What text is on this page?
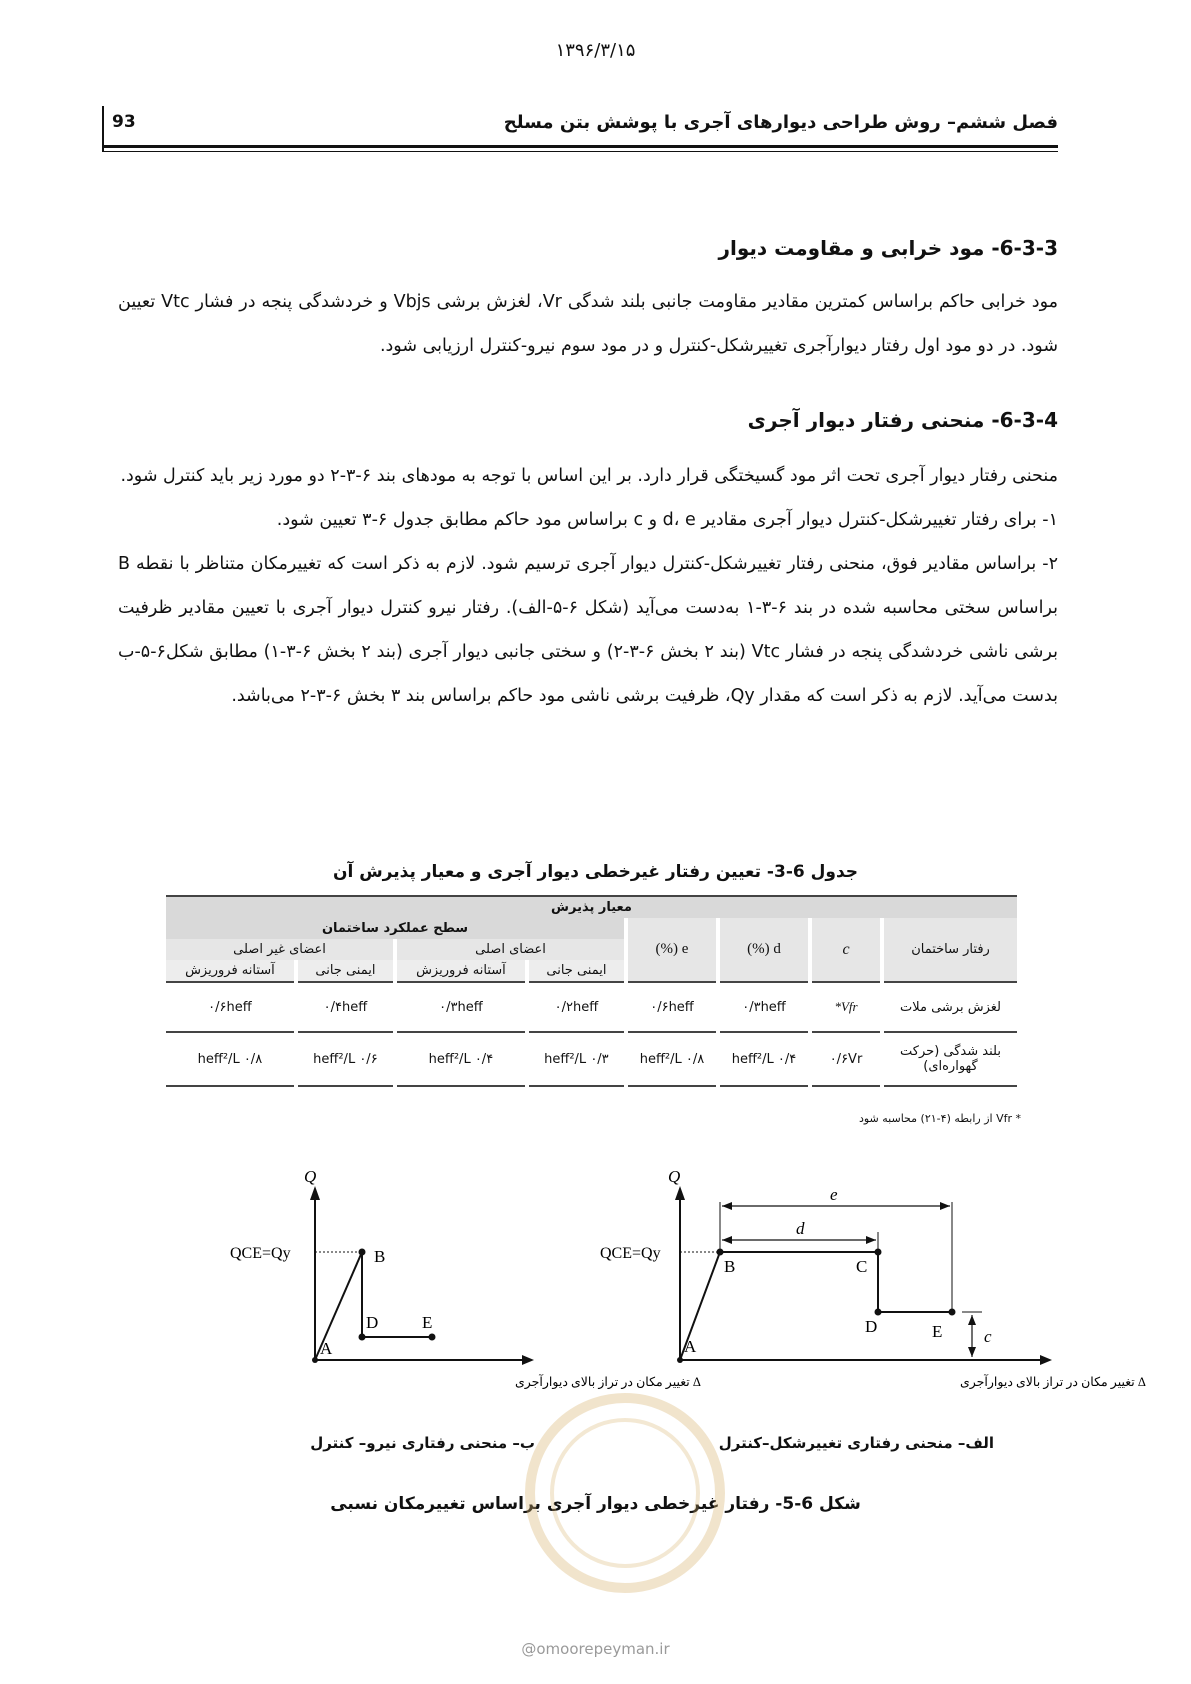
۱۳۹۶/۳/۱۵
93	فصل ششم– روش طراحی دیوارهای آجری با پوشش بتن مسلح
6-3-3- مود خرابی و مقاومت دیوار

مود خرابی حاکم براساس کمترین مقادیر مقاومت جانبی بلند شدگی Vr، لغزش برشی Vbjs و خردشدگی پنجه در فشار Vtc تعیین شود. در دو مود اول رفتار دیوارآجری تغییرشکل-کنترل و در مود سوم نیرو-کنترل ارزیابی شود.

6-3-4- منحنی رفتار دیوار آجری

منحنی رفتار دیوار آجری تحت اثر مود گسیختگی قرار دارد. بر این اساس با توجه به مودهای بند ۶-۳-۲ دو مورد زیر باید کنترل شود.

۱- برای رفتار تغییرشکل-کنترل دیوار آجری مقادیر d، e و c براساس مود حاکم مطابق جدول ۶-۳ تعیین شود.

۲- براساس مقادیر فوق، منحنی رفتار تغییرشکل-کنترل دیوار آجری ترسیم شود. لازم به ذکر است که تغییرمکان متناظر با نقطه B براساس سختی محاسبه شده در بند ۶-۳-۱ به‌دست می‌آید (شکل ۶-۵-الف). رفتار نیرو کنترل دیوار آجری با تعیین مقادیر ظرفیت برشی ناشی خردشدگی پنجه در فشار Vtc (بند ۲ بخش ۶-۳-۲) و سختی جانبی دیوار آجری (بند ۲ بخش ۶-۳-۱) مطابق شکل۶-۵-ب بدست می‌آید. لازم به ذکر است که مقدار Qy، ظرفیت برشی ناشی مود حاکم براساس بند ۳ بخش ۶-۳-۲ می‌باشد.

جدول 6-3- تعیین رفتار غیرخطی دیوار آجری و معیار پذیرش آن
معیار پذیرش							
رفتار ساختمان	c	d (%)	e (%)	سطح عملکرد ساختمان			
				اعضای اصلی		اعضای غیر اصلی	
				ایمنی جانی	آستانه فروریزش	ایمنی جانی	آستانه فروریزش
لغزش برشی ملات	Vfr*	۰/۳heff	۰/۶heff	۰/۲heff	۰/۳heff	۰/۴heff	۰/۶heff
بلند شدگی (حرکت گهواره‌ای)	۰/۶Vr	۰/۴ heff²/L	۰/۸ heff²/L	۰/۳ heff²/L	۰/۴ heff²/L	۰/۶ heff²/L	۰/۸ heff²/L
* Vfr از رابطه (۴-۲۱) محاسبه شود
Q
QCE=Qy
A
B	C
D	E
e
d
c
Δ تغییر مکان در تراز بالای دیوارآجری
Q
QCE=Qy
A
B
D	E
Δ تغییر مکان در تراز بالای دیوارآجری
الف– منحنی رفتاری تغییرشکل–کنترل
ب– منحنی رفتاری نیرو– کنترل
شکل 6-5- رفتار غیرخطی دیوار آجری براساس تغییرمکان نسبی
@omoorepeyman.ir
